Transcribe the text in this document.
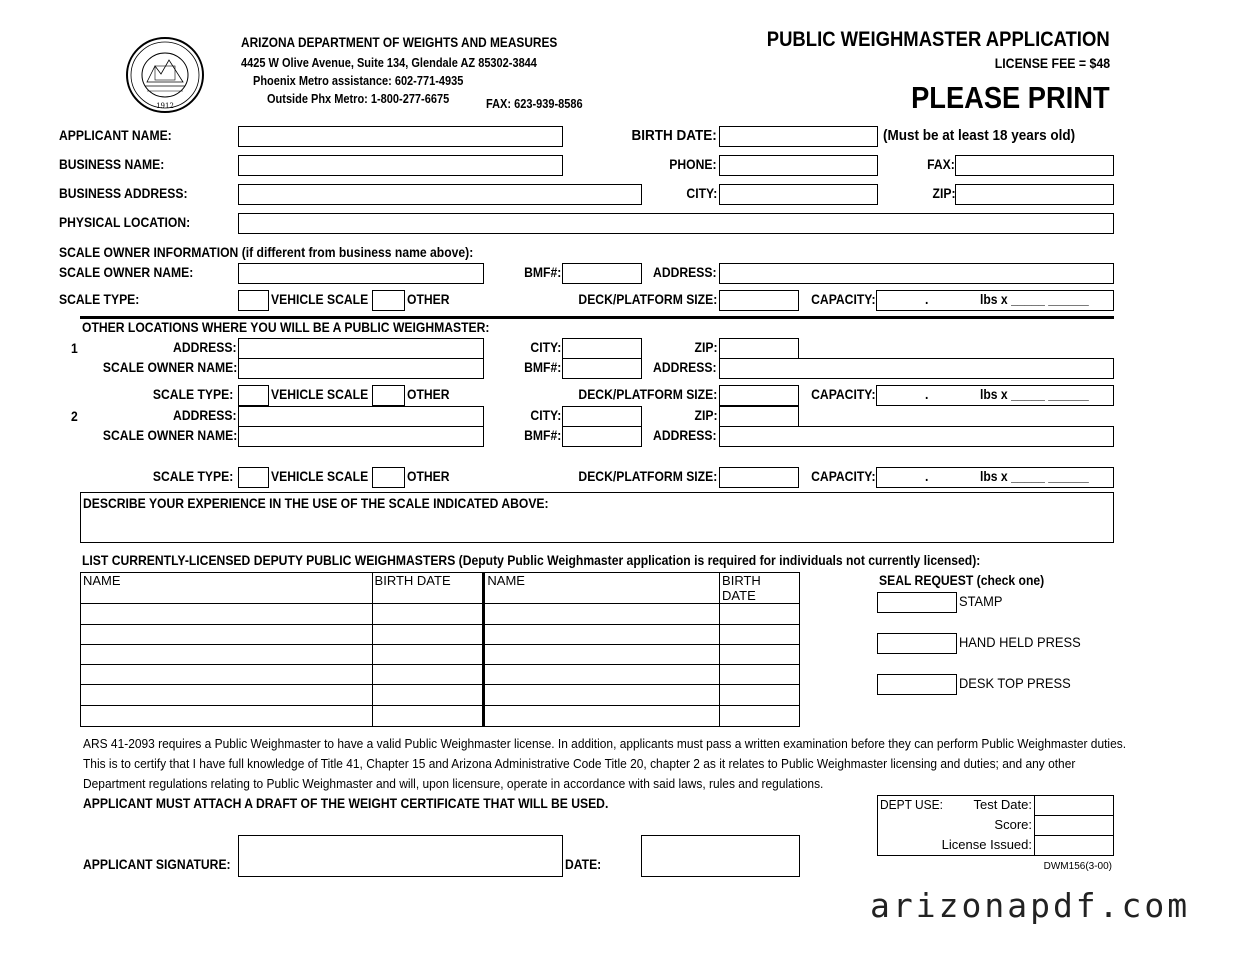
1912
ARIZONA DEPARTMENT OF WEIGHTS AND MEASURES
4425 W Olive Avenue, Suite 134, Glendale AZ 85302-3844
Phoenix Metro assistance: 602-771-4935
Outside Phx Metro: 1-800-277-6675	FAX: 623-939-8586
PUBLIC WEIGHMASTER APPLICATION
LICENSE FEE = $48
PLEASE PRINT
APPLICANT NAME:	BIRTH DATE:	(Must be at least 18 years old)
BUSINESS NAME:	PHONE:	FAX:
BUSINESS ADDRESS:	CITY:	ZIP:
PHYSICAL LOCATION:
SCALE OWNER INFORMATION (if different from business name above):
SCALE OWNER NAME:	BMF#:	ADDRESS:
SCALE TYPE:	VEHICLE SCALE	OTHER	DECK/PLATFORM SIZE:	CAPACITY:	.	lbs x _____ ______
OTHER LOCATIONS WHERE YOU WILL BE A PUBLIC WEIGHMASTER:
1	ADDRESS:	CITY:	ZIP:
SCALE OWNER NAME:	BMF#:	ADDRESS:
SCALE TYPE:	VEHICLE SCALE	OTHER	DECK/PLATFORM SIZE:	CAPACITY:	.	lbs x _____ ______
2	ADDRESS:	CITY:	ZIP:
SCALE OWNER NAME:	BMF#:	ADDRESS:
SCALE TYPE:	VEHICLE SCALE	OTHER	DECK/PLATFORM SIZE:	CAPACITY:	.	lbs x _____ ______
DESCRIBE YOUR EXPERIENCE IN THE USE OF THE SCALE INDICATED ABOVE:
LIST CURRENTLY-LICENSED DEPUTY PUBLIC WEIGHMASTERS (Deputy Public Weighmaster application is required for individuals not currently licensed):
NAME	BIRTH DATE	NAME	BIRTH DATE

SEAL REQUEST (check one)
STAMP
HAND HELD PRESS
DESK TOP PRESS
ARS 41-2093 requires a Public Weighmaster to have a valid Public Weighmaster license. In addition, applicants must pass a written examination before they can perform Public Weighmaster duties.
This is to certify that I have full knowledge of Title 41, Chapter 15 and Arizona Administrative Code Title 20, chapter 2 as it relates to Public Weighmaster licensing and duties; and any other
Department regulations relating to Public Weighmaster and will, upon licensure, operate in accordance with said laws, rules and regulations.
APPLICANT MUST ATTACH A DRAFT OF THE WEIGHT CERTIFICATE THAT WILL BE USED.
APPLICANT SIGNATURE:	DATE:
DEPT USE: Test Date:
Score:
License Issued:
DWM156(3-00)
arizonapdf.com
